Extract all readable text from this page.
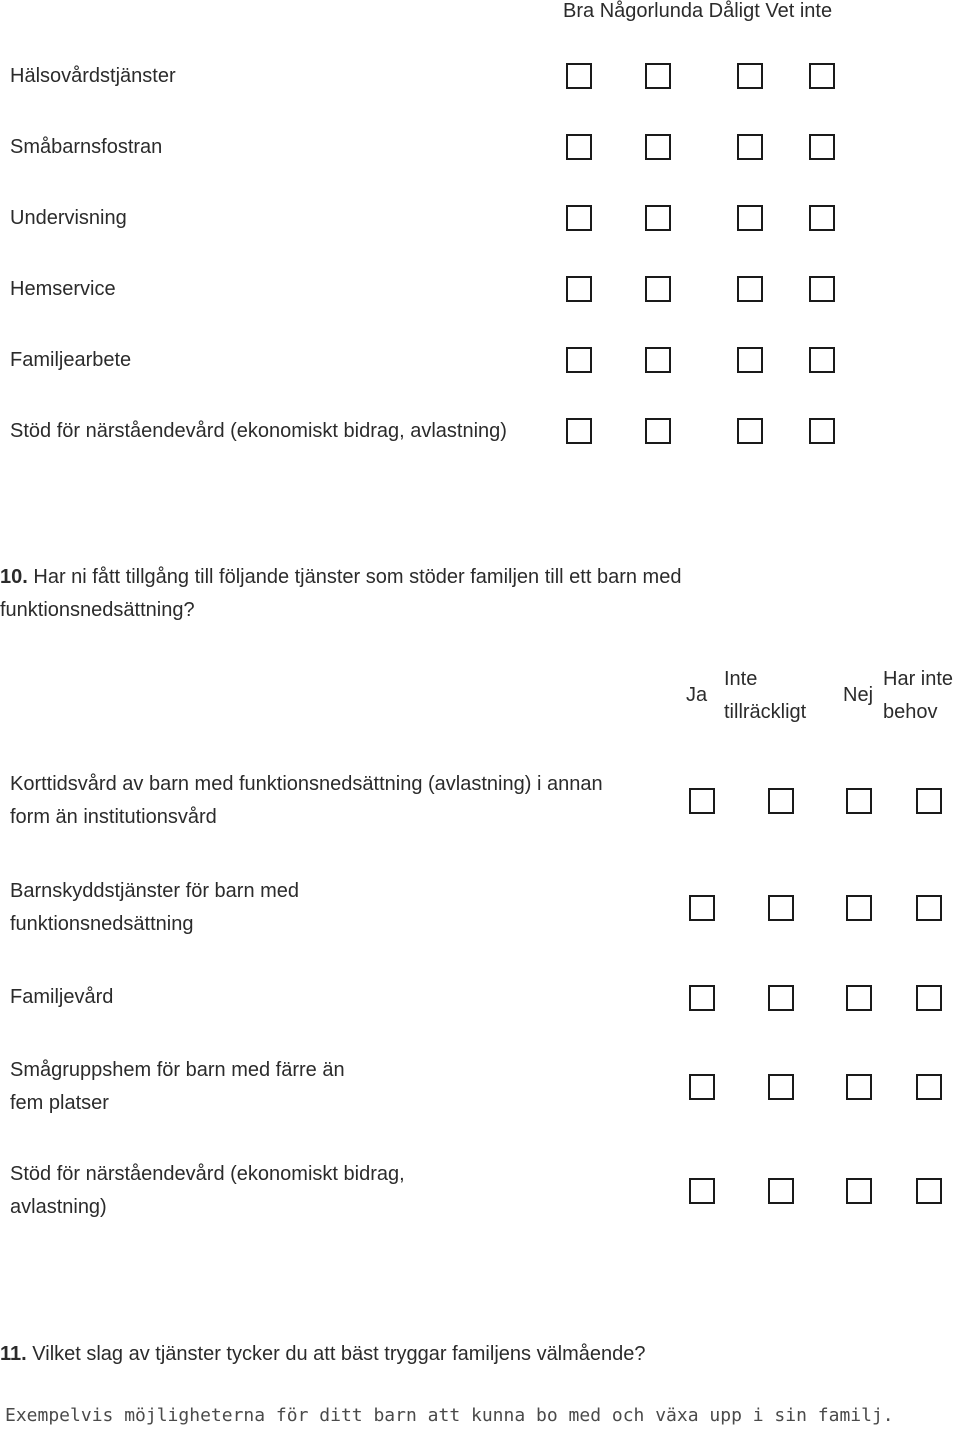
Bra Någorlunda Dåligt Vet inte
Hälsovårdstjänster
Småbarnsfostran
Undervisning
Hemservice
Familjearbete
Stöd för närståendevård (ekonomiskt bidrag, avlastning)
10. Har ni fått tillgång till följande tjänster som stöder familjen till ett barn med funktionsnedsättning?
Ja
Inte
tillräckligt
Nej
Har inte
behov
Korttidsvård av barn med funktionsnedsättning (avlastning) i annan
form än institutionsvård
Barnskyddstjänster för barn med
funktionsnedsättning
Familjevård
Smågruppshem för barn med färre än
fem platser
Stöd för närståendevård (ekonomiskt bidrag,
avlastning)
11. Vilket slag av tjänster tycker du att bäst tryggar familjens välmående?
Exempelvis möjligheterna för ditt barn att kunna bo med och växa upp i sin familj.
